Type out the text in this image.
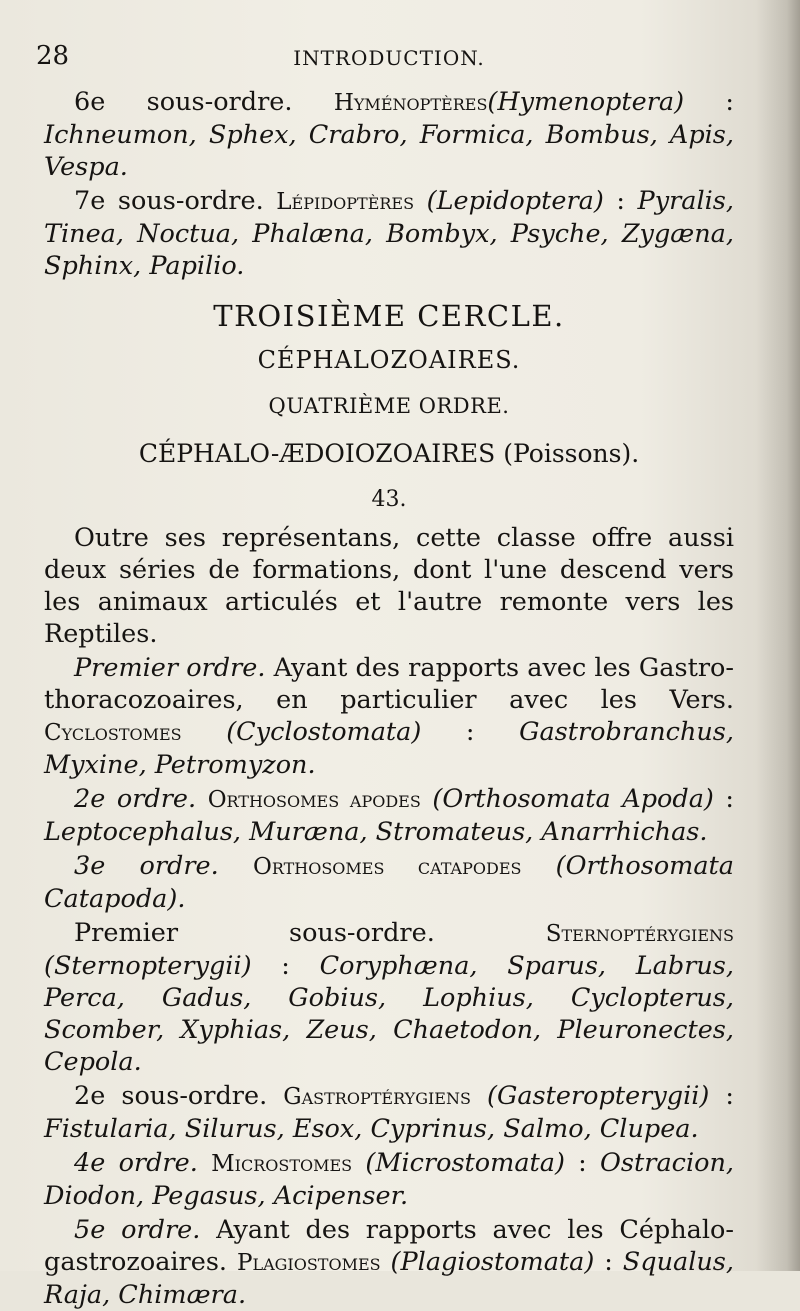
28	INTRODUCTION.

6e sous-ordre. Hyménoptères(Hymenoptera) : Ichneumon, Sphex, Crabro, Formica, Bombus, Apis, Vespa.

7e sous-ordre. Lépidoptères (Lepidoptera) : Pyralis, Tinea, Noctua, Phalæna, Bombyx, Psyche, Zygæna, Sphinx, Papilio.

TROISIÈME CERCLE.
CÉPHALOZOAIRES.
QUATRIÈME ORDRE.
CÉPHALO-ÆDOIOZOAIRES (Poissons).
43.

Outre ses représentans, cette classe offre aussi deux séries de formations, dont l'une descend vers les animaux articulés et l'autre remonte vers les Reptiles.

Premier ordre. Ayant des rapports avec les Gastro-thoracozoaires, en particulier avec les Vers. Cyclostomes (Cyclostomata) : Gastrobranchus, Myxine, Petromyzon.

2e ordre. Orthosomes apodes (Orthosomata Apoda) : Leptocephalus, Muræna, Stromateus, Anarrhichas.

3e ordre. Orthosomes catapodes (Orthosomata Catapoda).

Premier sous-ordre.	Sternoptérygiens (Sternopterygii) : Coryphæna, Sparus, Labrus, Perca, Gadus, Gobius, Lophius, Cyclopterus, Scomber, Xyphias, Zeus, Chaetodon, Pleuronectes, Cepola.

2e sous-ordre. Gastroptérygiens (Gasteropterygii) : Fistularia, Silurus, Esox, Cyprinus, Salmo, Clupea.

4e ordre. Microstomes (Microstomata) : Ostracion, Diodon, Pegasus, Acipenser.

5e ordre. Ayant des rapports avec les Céphalo-gastrozoaires. Plagiostomes (Plagiostomata) : Squalus, Raja, Chimæra.
